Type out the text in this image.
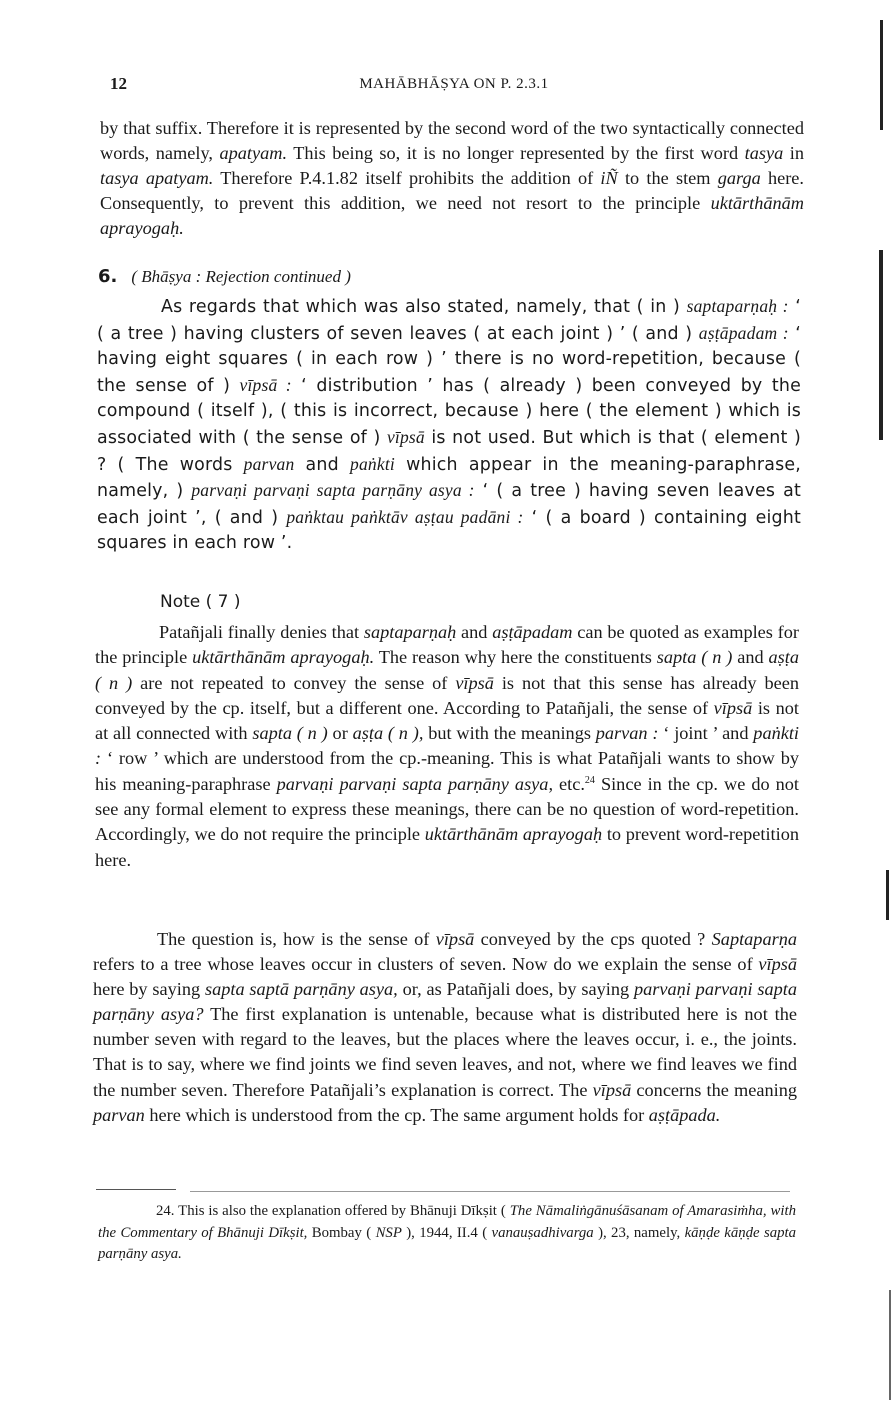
12	MAHĀBHĀṢYA ON P. 2.3.1

by that suffix. Therefore it is represented by the second word of the two syntactically connected words, namely, apatyam. This being so, it is no longer represented by the first word tasya in tasya apatyam. Therefore P.4.1.82 itself prohibits the addition of iÑ to the stem garga here. Consequently, to prevent this addition, we need not resort to the principle uktārthānām aprayogaḥ.

6. ( Bhāṣya : Rejection continued )

As regards that which was also stated, namely, that ( in ) saptaparṇaḥ : ‘ ( a tree ) having clusters of seven leaves ( at each joint ) ’ ( and ) aṣṭāpadam : ‘ having eight squares ( in each row ) ’ there is no word-repetition, because ( the sense of ) vīpsā : ‘ distribution ’ has ( already ) been conveyed by the compound ( itself ), ( this is incorrect, because ) here ( the element ) which is associated with ( the sense of ) vīpsā is not used. But which is that ( element ) ? ( The words parvan and paṅkti which appear in the meaning-paraphrase, namely, ) parvaṇi parvaṇi sapta parṇāny asya : ‘ ( a tree ) having seven leaves at each joint ’, ( and ) paṅktau paṅktāv aṣṭau padāni : ‘ ( a board ) containing eight squares in each row ’.

Note ( 7 )

Patañjali finally denies that saptaparṇaḥ and aṣṭāpadam can be quoted as examples for the principle uktārthānām aprayogaḥ. The reason why here the constituents sapta ( n ) and aṣṭa ( n ) are not repeated to convey the sense of vīpsā is not that this sense has already been conveyed by the cp. itself, but a different one. According to Patañjali, the sense of vīpsā is not at all connected with sapta ( n ) or aṣṭa ( n ), but with the meanings parvan : ‘ joint ’ and paṅkti : ‘ row ’ which are understood from the cp.-meaning. This is what Patañjali wants to show by his meaning-paraphrase parvaṇi parvaṇi sapta parṇāny asya, etc.$^{24}$ Since in the cp. we do not see any formal element to express these meanings, there can be no question of word-repetition. Accordingly, we do not require the principle uktārthānām aprayogaḥ to prevent word-repetition here.

The question is, how is the sense of vīpsā conveyed by the cps quoted ? Saptaparṇa refers to a tree whose leaves occur in clusters of seven. Now do we explain the sense of vīpsā here by saying sapta saptā parṇāny asya, or, as Patañjali does, by saying parvaṇi parvaṇi sapta parṇāny asya? The first explanation is untenable, because what is distributed here is not the number seven with regard to the leaves, but the places where the leaves occur, i. e., the joints. That is to say, where we find joints we find seven leaves, and not, where we find leaves we find the number seven. Therefore Patañjali’s explanation is correct. The vīpsā concerns the meaning parvan here which is understood from the cp. The same argument holds for aṣṭāpada.

24. This is also the explanation offered by Bhānuji Dīkṣit ( The Nāmaliṅgānuśāsanam of Amarasiṁha, with the Commentary of Bhānuji Dīkṣit, Bombay ( NSP ), 1944, II.4 ( vanauṣadhivarga ), 23, namely, kāṇḍe kāṇḍe sapta parṇāny asya.
